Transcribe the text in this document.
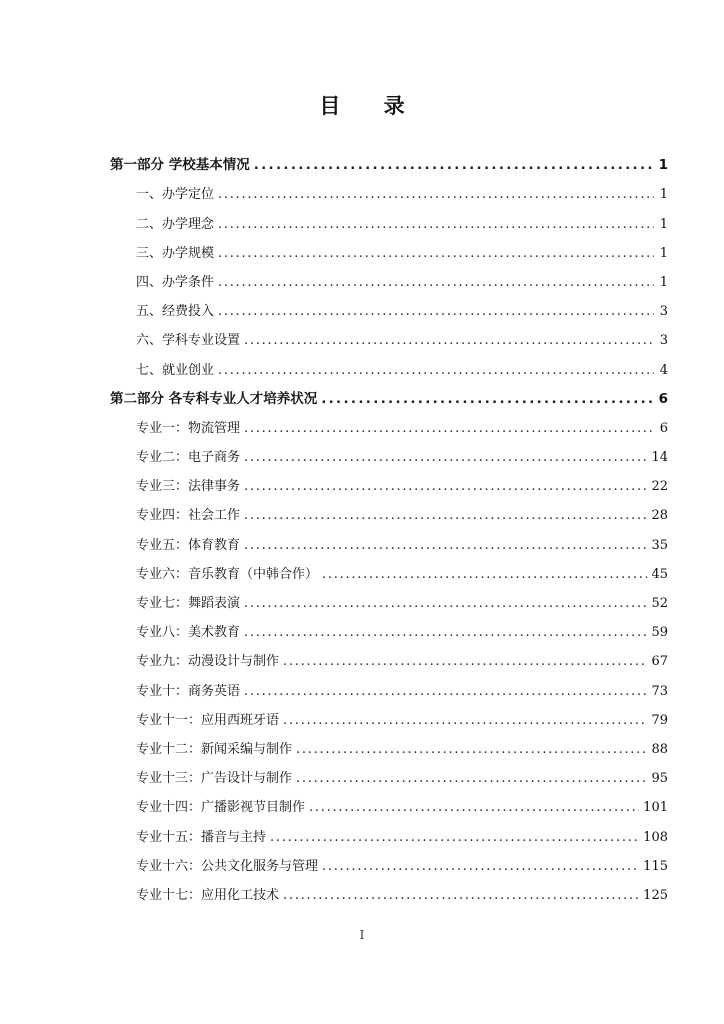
目 录
第一部分 学校基本情况 . . .	1
一、办学定位 . . .	1
二、办学理念 . . .	1
三、办学规模 . . .	1
四、办学条件 . . .	1
五、经费投入 . . .	3
六、学科专业设置 . . .	3
七、就业创业 . . .	4
第二部分 各专科专业人才培养状况 . . .	6
专业一：物流管理 . . .	6
专业二：电子商务 . . .	14
专业三：法律事务 . . .	22
专业四：社会工作 . . .	28
专业五：体育教育 . . .	35
专业六：音乐教育（中韩合作） . . .	45
专业七：舞蹈表演 . . .	52
专业八：美术教育 . . .	59
专业九：动漫设计与制作 . . .	67
专业十：商务英语 . . .	73
专业十一：应用西班牙语 . . .	79
专业十二：新闻采编与制作 . . .	88
专业十三：广告设计与制作 . . .	95
专业十四：广播影视节目制作 . . .	101
专业十五：播音与主持 . . .	108
专业十六：公共文化服务与管理 . . .	115
专业十七：应用化工技术 . . .	125
I
